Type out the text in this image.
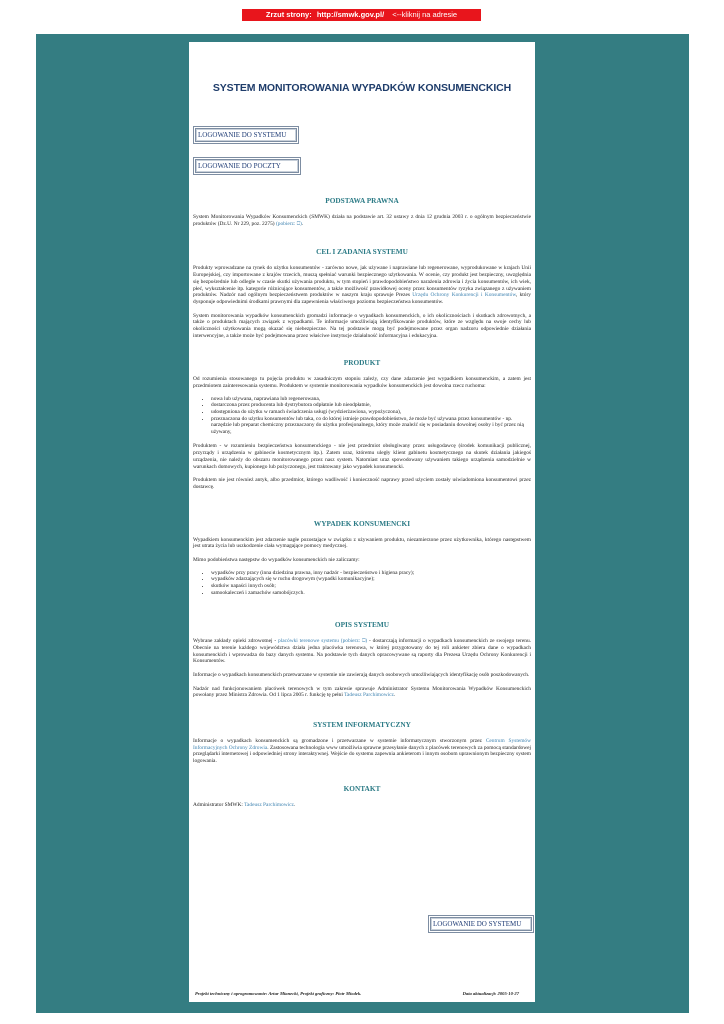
Zrzut strony: http://smwk.gov.pl/ <--kliknij na adresie
SYSTEM MONITOROWANIA WYPADKÓW KONSUMENCKICH
LOGOWANIE DO SYSTEMU
LOGOWANIE DO POCZTY
PODSTAWA PRAWNA

System Monitorowania Wypadków Konsumenckich (SMWK) działa na podstawie art. 32 ustawy z dnia 12 grudnia 2003 r. o ogólnym bezpieczeństwie produktów (Dz.U. Nr 229, poz. 2275) (pobierz: ⎕).

CEL I ZADANIA SYSTEMU

Produkty wprowadzane na rynek do użytku konsumentów - zarówno nowe, jak używane i naprawiane lub regenerowane, wyprodukowane w krajach Unii Europejskiej, czy importowane z krajów trzecich, muszą spełniać warunki bezpiecznego użytkowania. W ocenie, czy produkt jest bezpieczny, uwzględnia się bezpośrednie lub odległe w czasie skutki używania produktu, w tym stopień i prawdopodobieństwo narażenia zdrowia i życia konsumentów, ich wiek, płeć, wykształcenie itp. kategorie różnicujące konsumentów, a także możliwość prawidłowej oceny przez konsumentów ryzyka związanego z używaniem produktów. Nadzór nad ogólnym bezpieczeństwem produktów w naszym kraju sprawuje Prezes Urzędu Ochrony Konkurencji i Konsumentów, który dysponuje odpowiednimi środkami prawnymi dla zapewnienia właściwego poziomu bezpieczeństwa konsumentów.

System monitorowania wypadków konsumenckich gromadzi informacje o wypadkach konsumenckich, o ich okolicznościach i skutkach zdrowotnych, a także o produktach mających związek z wypadkami. Te informacje umożliwiają identyfikowanie produktów, które ze względu na swoje cechy lub okoliczności użytkowania mogą okazać się niebezpieczne. Na tej podstawie mogą być podejmowane przez organ nadzoru odpowiednie działania interwencyjne, a także może być podejmowana przez właściwe instytucje działalność informacyjna i edukacyjna.

PRODUKT

Od rozumienia stosowanego tu pojęcia produktu w zasadniczym stopniu zależy, czy dane zdarzenie jest wypadkiem konsumenckim, a zatem jest przedmiotem zainteresowania systemu. Produktem w systemie monitorowania wypadków konsumenckich jest dowolna rzecz ruchoma:

• nowa lub używana, naprawiana lub regenerowana,
• dostarczona przez producenta lub dystrybutora odpłatnie lub nieodpłatnie,
• udostępniona do użytku w ramach świadczenia usługi (wydzierżawiona, wypożyczona),
• przeznaczona do użytku konsumentów lub taka, co do której istnieje prawdopodobieństwo, że może być używana przez konsumentów - np. narzędzie lub preparat chemiczny przeznaczony do użytku profesjonalnego, który może znaleźć się w posiadaniu dowolnej osoby i być przez nią używany,

Produktem - w rozumieniu bezpieczeństwa konsumenckiego - nie jest przedmiot obsługiwany przez usługodawcę (środek komunikacji publicznej, przyrządy i urządzenia w gabinecie kosmetycznym itp.). Zatem uraz, któremu uległy klient gabinetu kosmetycznego na skutek działania jakiegoś urządzenia, nie należy do obszaru monitorowanego przez nasz system. Natomiast uraz spowodowany używaniem takiego urządzenia samodzielnie w warunkach domowych, kupionego lub pożyczonego, jest traktowany jako wypadek konsumencki.

Produktem nie jest również antyk, albo przedmiot, którego wadliwość i konieczność naprawy przed użyciem zostały uświadomiona konsumentowi przez dostawcę.

WYPADEK KONSUMENCKI

Wypadkiem konsumenckim jest zdarzenie nagłe pozostające w związku z używaniem produktu, niezamierzone przez użytkownika, którego następstwem jest utrata życia lub uszkodzenie ciała wymagające pomocy medycznej.

Mimo podobieństwa następstw do wypadków konsumenckich nie zaliczamy:

• wypadków przy pracy (inna dziedzina prawna, inny nadzór - bezpieczeństwo i higiena pracy);
• wypadków zdarzających się w ruchu drogowym (wypadki komunikacyjne);
• skutków napaści innych osób;
• samookaleczeń i zamachów samobójczych.
OPIS SYSTEMU

Wybrane zakłady opieki zdrowotnej - placówki terenowe systemu (pobierz: ⎕) - dostarczają informacji o wypadkach konsumenckich ze swojego terenu. Obecnie na terenie każdego województwa działa jedna placówka terenowa, w której przygotowany do tej roli ankieter zbiera dane o wypadkach konsumenckich i wprowadza do bazy danych systemu. Na podstawie tych danych opracowywane są raporty dla Prezesa Urzędu Ochrony Konkurencji i Konsumentów.

Informacje o wypadkach konsumenckich przetwarzane w systemie nie zawierają danych osobowych umożliwiających identyfikację osób poszkodowanych.

Nadzór nad funkcjonowaniem placówek terenowych w tym zakresie sprawuje Administrator Systemu Monitorowania Wypadków Konsumenckich powołany przez Ministra Zdrowia. Od 1 lipca 2005 r. funkcję tę pełni Tadeusz Parchimowicz.

SYSTEM INFORMATYCZNY

Informacje o wypadkach konsumenckich są gromadzone i przetwarzane w systemie informatycznym stworzonym przez Centrum Systemów Informacyjnych Ochrony Zdrowia. Zastosowana technologia www umożliwia sprawne przesyłanie danych z placówek terenowych za pomocą standardowej przeglądarki internetowej i odpowiedniej strony interaktywnej. Wejście do systemu zapewnia ankieterom i innym osobom uprawnionym bezpieczny system logowania.

KONTAKT

Administrator SMWK: Tadeusz Parchimowicz.

LOGOWANIE DO SYSTEMU
Projekt techniczny i oprogramowanie: Artur Mianecki, Projekt graficzny: Piotr Miodek.	Data aktualizacji: 2005-10-27
